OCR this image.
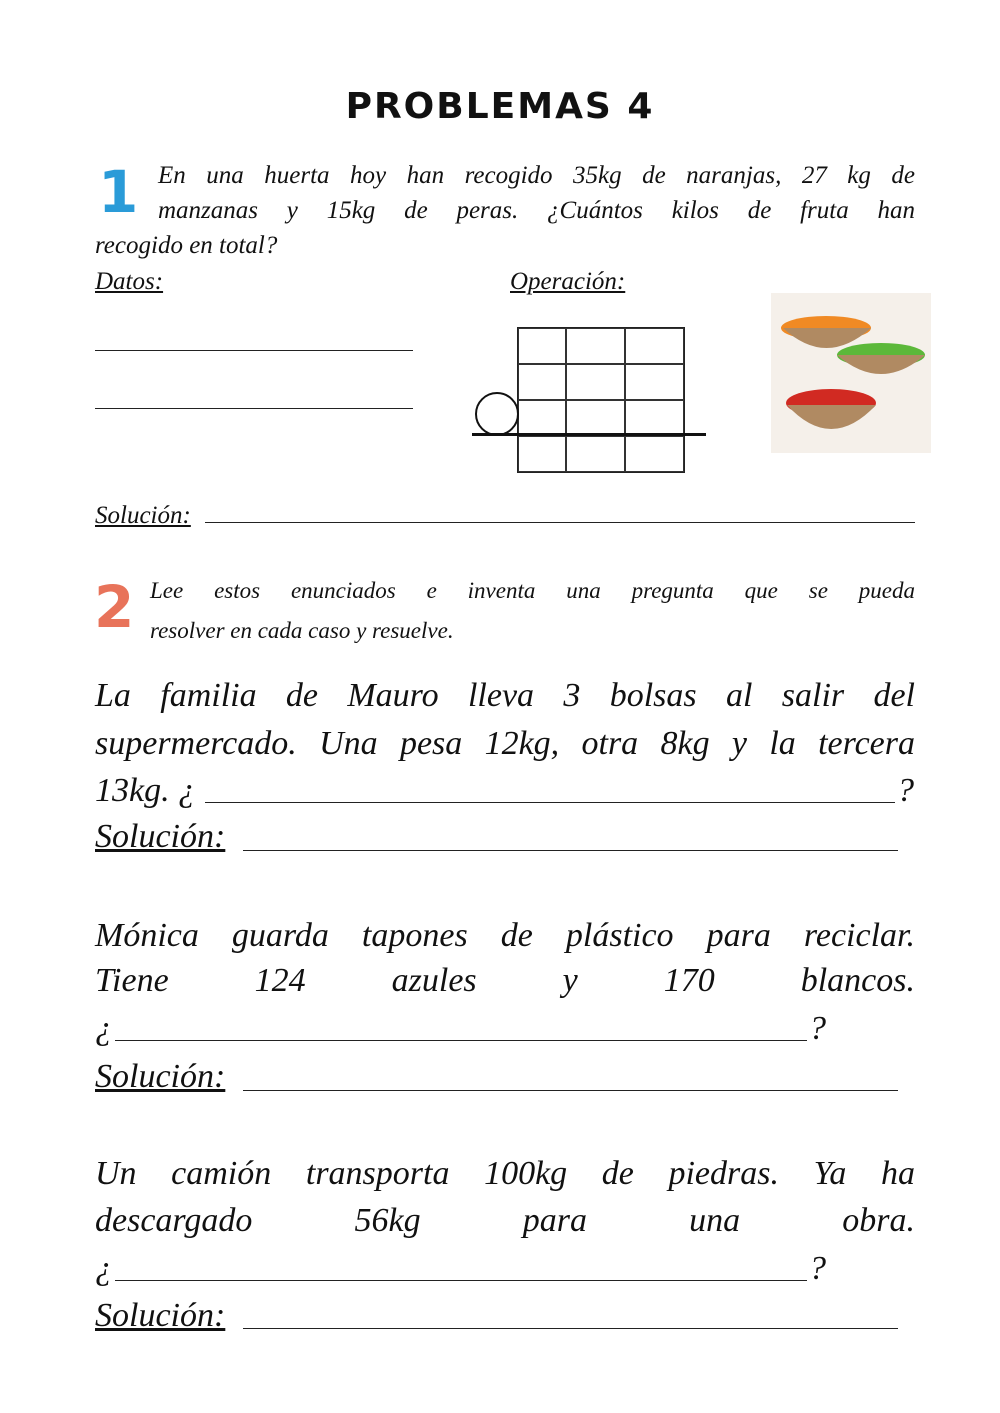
PROBLEMAS 4
1 En una huerta hoy han recogido 35kg de naranjas, 27 kg de
manzanas y 15kg de peras. ¿Cuántos kilos de fruta han
recogido en total?
Datos:	Operación:
Solución:
2 Lee estos enunciados e inventa una pregunta que se pueda
resolver en cada caso y resuelve.
La familia de Mauro lleva 3 bolsas al salir del
supermercado. Una pesa 12kg, otra 8kg y la tercera
13kg. ¿	?
Solución:
Mónica guarda tapones de plástico para reciclar.
Tiene 124 azules y 170 blancos.
¿	?
Solución:
Un camión transporta 100kg de piedras. Ya ha
descargado 56kg para una obra.
¿	?
Solución:
